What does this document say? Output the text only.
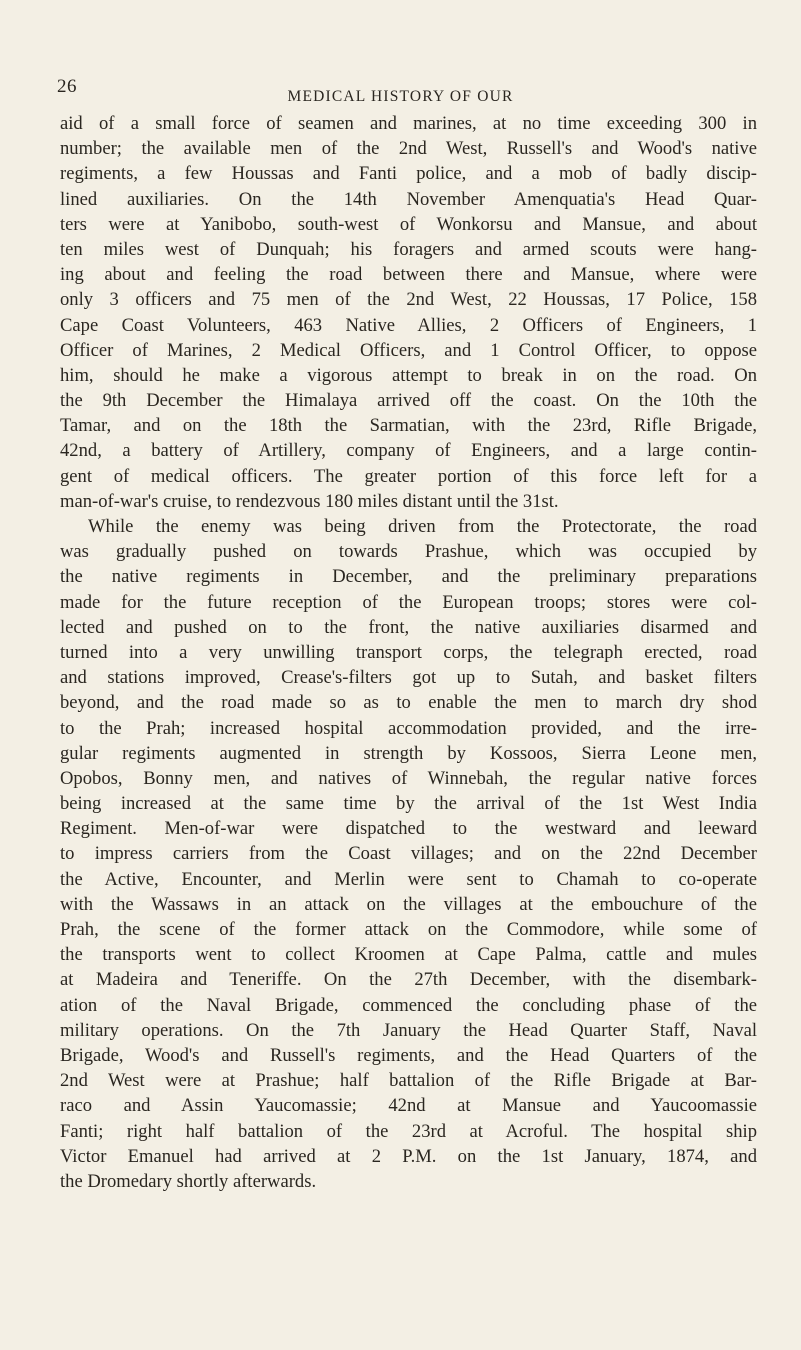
26	MEDICAL HISTORY OF OUR
aid of a small force of seamen and marines, at no time exceeding 300 in
number; the available men of the 2nd West, Russell's and Wood's native
regiments, a few Houssas and Fanti police, and a mob of badly discip-
lined auxiliaries. On the 14th November Amenquatia's Head Quar-
ters were at Yanibobo, south-west of Wonkorsu and Mansue, and about
ten miles west of Dunquah; his foragers and armed scouts were hang-
ing about and feeling the road between there and Mansue, where were
only 3 officers and 75 men of the 2nd West, 22 Houssas, 17 Police, 158
Cape Coast Volunteers, 463 Native Allies, 2 Officers of Engineers, 1
Officer of Marines, 2 Medical Officers, and 1 Control Officer, to oppose
him, should he make a vigorous attempt to break in on the road. On
the 9th December the Himalaya arrived off the coast. On the 10th the
Tamar, and on the 18th the Sarmatian, with the 23rd, Rifle Brigade,
42nd, a battery of Artillery, company of Engineers, and a large contin-
gent of medical officers. The greater portion of this force left for a
man-of-war's cruise, to rendezvous 180 miles distant until the 31st.
While the enemy was being driven from the Protectorate, the road
was gradually pushed on towards Prashue, which was occupied by
the native regiments in December, and the preliminary preparations
made for the future reception of the European troops; stores were col-
lected and pushed on to the front, the native auxiliaries disarmed and
turned into a very unwilling transport corps, the telegraph erected, road
and stations improved, Crease's-filters got up to Sutah, and basket filters
beyond, and the road made so as to enable the men to march dry shod
to the Prah; increased hospital accommodation provided, and the irre-
gular regiments augmented in strength by Kossoos, Sierra Leone men,
Opobos, Bonny men, and natives of Winnebah, the regular native forces
being increased at the same time by the arrival of the 1st West India
Regiment. Men-of-war were dispatched to the westward and leeward
to impress carriers from the Coast villages; and on the 22nd December
the Active, Encounter, and Merlin were sent to Chamah to co-operate
with the Wassaws in an attack on the villages at the embouchure of the
Prah, the scene of the former attack on the Commodore, while some of
the transports went to collect Kroomen at Cape Palma, cattle and mules
at Madeira and Teneriffe. On the 27th December, with the disembark-
ation of the Naval Brigade, commenced the concluding phase of the
military operations. On the 7th January the Head Quarter Staff, Naval
Brigade, Wood's and Russell's regiments, and the Head Quarters of the
2nd West were at Prashue; half battalion of the Rifle Brigade at Bar-
raco and Assin Yaucomassie; 42nd at Mansue and Yaucoomassie
Fanti; right half battalion of the 23rd at Acroful. The hospital ship
Victor Emanuel had arrived at 2 P.M. on the 1st January, 1874, and
the Dromedary shortly afterwards.
